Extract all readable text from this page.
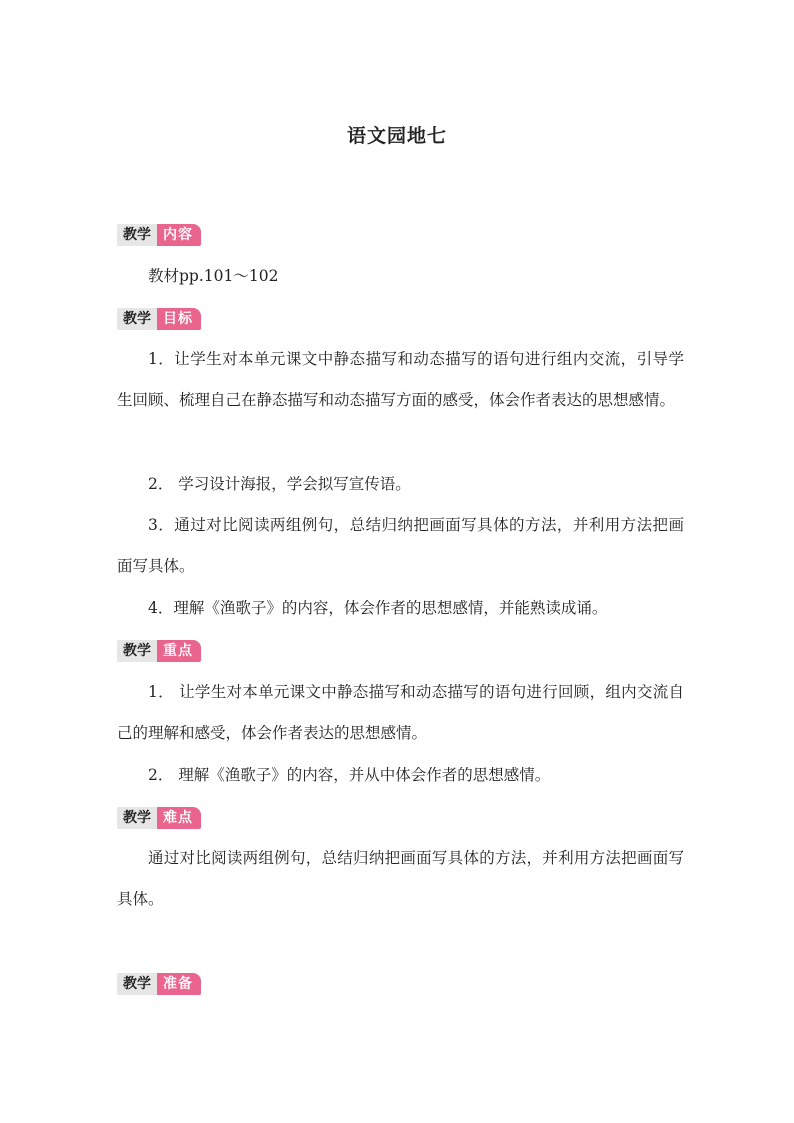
语文园地七
教学 内容
教材pp.101～102
教学 目标
1．让学生对本单元课文中静态描写和动态描写的语句进行组内交流，引导学生回顾、梳理自己在静态描写和动态描写方面的感受，体会作者表达的思想感情。
2． 学习设计海报，学会拟写宣传语。
3．通过对比阅读两组例句，总结归纳把画面写具体的方法，并利用方法把画面写具体。
4．理解《渔歌子》的内容，体会作者的思想感情，并能熟读成诵。
教学 重点
1． 让学生对本单元课文中静态描写和动态描写的语句进行回顾，组内交流自己的理解和感受，体会作者表达的思想感情。
2． 理解《渔歌子》的内容，并从中体会作者的思想感情。
教学 难点
通过对比阅读两组例句，总结归纳把画面写具体的方法，并利用方法把画面写具体。
教学 准备
